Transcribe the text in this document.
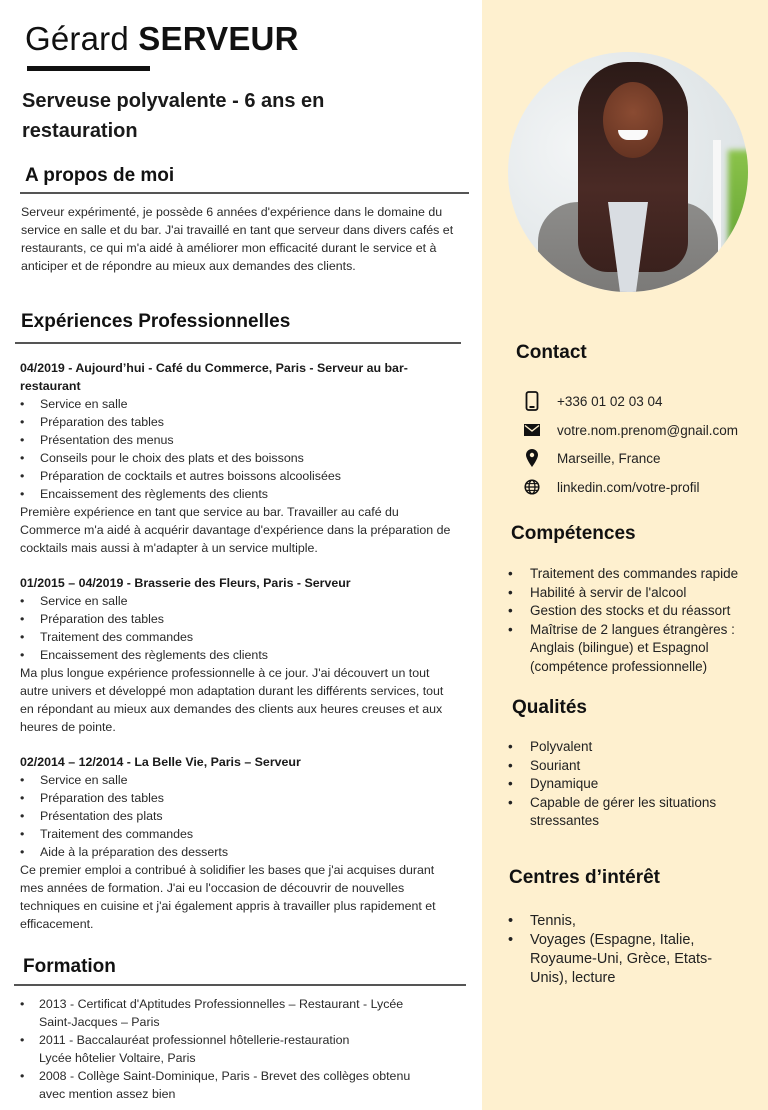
Gérard SERVEUR
Serveuse polyvalente - 6 ans en restauration
A propos de moi
Serveur expérimenté, je possède 6 années d'expérience dans le domaine du service en salle et du bar. J'ai travaillé en tant que serveur dans divers cafés et restaurants, ce qui m'a aidé à améliorer mon efficacité durant le service et à anticiper et de répondre au mieux aux demandes des clients.
Expériences Professionnelles
04/2019 - Aujourd’hui - Café du Commerce, Paris - Serveur au bar-restaurant
• Service en salle
• Préparation des tables
• Présentation des menus
• Conseils pour le choix des plats et des boissons
• Préparation de cocktails et autres boissons alcoolisées
• Encaissement des règlements des clients
Première expérience en tant que service au bar. Travailler au café du Commerce m'a aidé à acquérir davantage d'expérience dans la préparation de cocktails mais aussi à m'adapter à un service multiple.
01/2015 – 04/2019 - Brasserie des Fleurs, Paris - Serveur
• Service en salle
• Préparation des tables
• Traitement des commandes
• Encaissement des règlements des clients
Ma plus longue expérience professionnelle à ce jour. J'ai découvert un tout autre univers et développé mon adaptation durant les différents services, tout en répondant au mieux aux demandes des clients aux heures creuses et aux heures de pointe.
02/2014 – 12/2014 - La Belle Vie, Paris – Serveur
• Service en salle
• Préparation des tables
• Présentation des plats
• Traitement des commandes
• Aide à la préparation des desserts
Ce premier emploi a contribué à solidifier les bases que j'ai acquises durant mes années de formation. J'ai eu l'occasion de découvrir de nouvelles techniques en cuisine et j'ai également appris à travailler plus rapidement et efficacement.
Formation
• 2013 - Certificat d'Aptitudes Professionnelles – Restaurant - Lycée
Saint-Jacques – Paris
• 2011 - Baccalauréat professionnel hôtellerie-restauration
Lycée hôtelier Voltaire, Paris
• 2008 - Collège Saint-Dominique, Paris - Brevet des collèges obtenu
avec mention assez bien
Contact
+336 01 02 03 04
votre.nom.prenom@gnail.com
Marseille, France
linkedin.com/votre-profil
Compétences
• Traitement des commandes rapide
• Habilité à servir de l'alcool
• Gestion des stocks et du réassort
• Maîtrise de 2 langues étrangères : Anglais (bilingue) et Espagnol (compétence professionnelle)
Qualités
• Polyvalent
• Souriant
• Dynamique
• Capable de gérer les situations stressantes
Centres d’intérêt
• Tennis,
• Voyages (Espagne, Italie, Royaume-Uni, Grèce, Etats-Unis), lecture
